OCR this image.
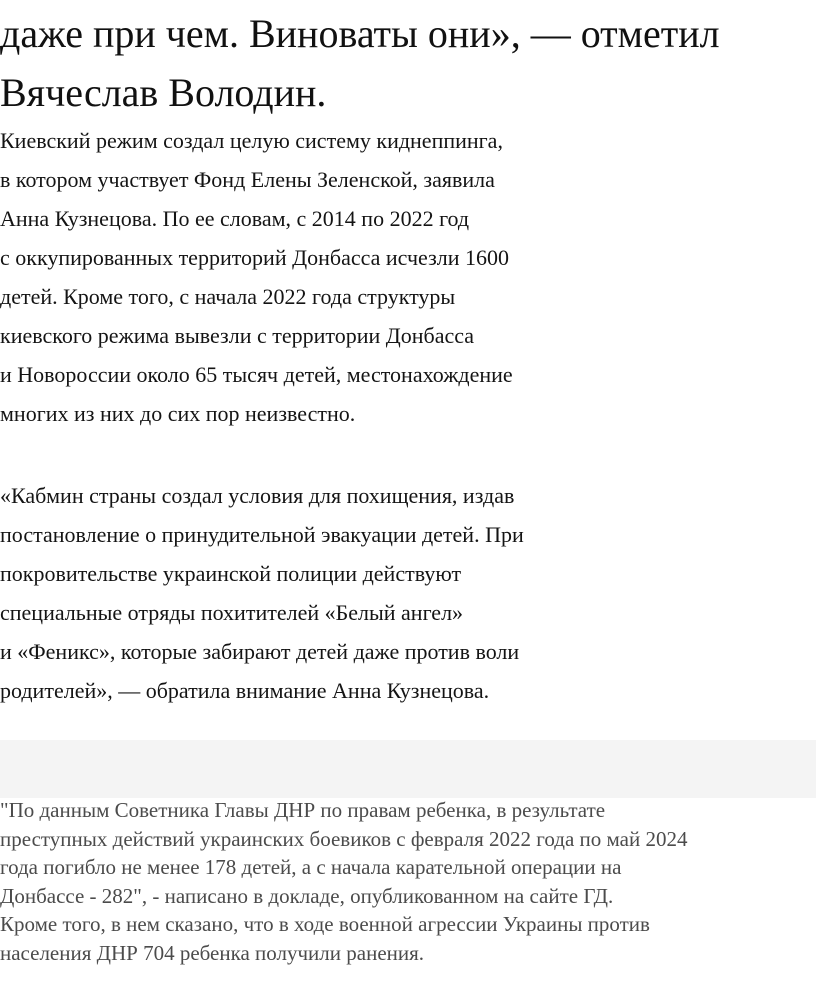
даже при чем. Виноваты они», — отметил
Вячеслав Володин.

Киевский режим создал целую систему киднеппинга,
в котором участвует Фонд Елены Зеленской, заявила
Анна Кузнецова. По ее словам, с 2014 по 2022 год
с оккупированных территорий Донбасса исчезли 1600
детей. Кроме того, с начала 2022 года структуры
киевского режима вывезли с территории Донбасса
и Новороссии около 65 тысяч детей, местонахождение
многих из них до сих пор неизвестно.

«Кабмин страны создал условия для похищения, издав
постановление о принудительной эвакуации детей. При
покровительстве украинской полиции действуют
специальные отряды похитителей «Белый ангел»
и «Феникс», которые забирают детей даже против воли
родителей», — обратила внимание Анна Кузнецова.

"По данным Советника Главы ДНР по правам ребенка, в результате
преступных действий украинских боевиков с февраля 2022 года по май 2024
года погибло не менее 178 детей, а с начала карательной операции на
Донбассе - 282", - написано в докладе, опубликованном на сайте ГД.
Кроме того, в нем сказано, что в ходе военной агрессии Украины против
населения ДНР 704 ребенка получили ранения.
